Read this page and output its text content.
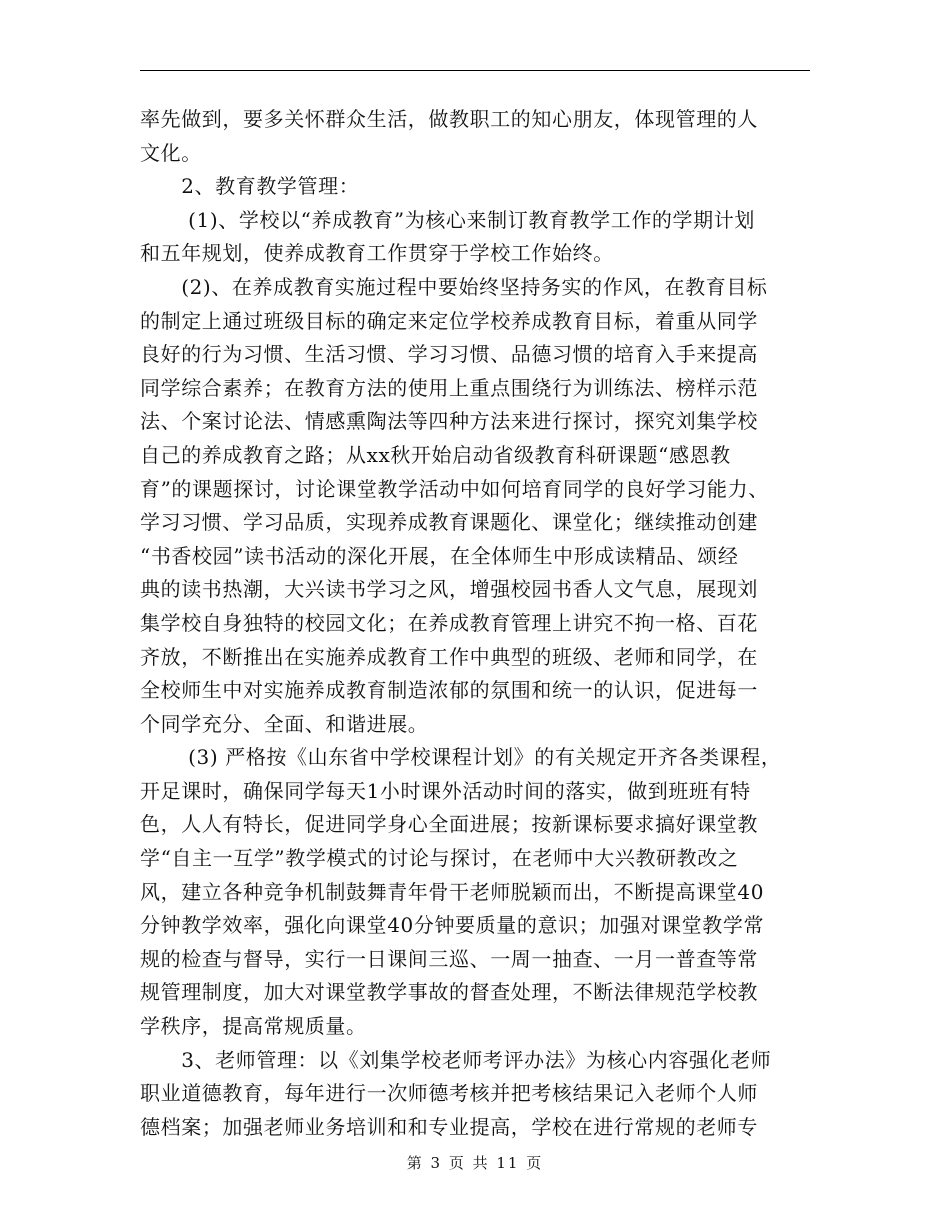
率先做到，要多关怀群众生活，做教职工的知心朋友，体现管理的人
文化。
　　2、教育教学管理：
　　 (1)、学校以“养成教育”为核心来制订教育教学工作的学期计划
和五年规划，使养成教育工作贯穿于学校工作始终。
　　(2)、在养成教育实施过程中要始终坚持务实的作风，在教育目标
的制定上通过班级目标的确定来定位学校养成教育目标，着重从同学
良好的行为习惯、生活习惯、学习习惯、品德习惯的培育入手来提高
同学综合素养；在教育方法的使用上重点围绕行为训练法、榜样示范
法、个案讨论法、情感熏陶法等四种方法来进行探讨，探究刘集学校
自己的养成教育之路；从xx秋开始启动省级教育科研课题“感恩教
育”的课题探讨，讨论课堂教学活动中如何培育同学的良好学习能力、
学习习惯、学习品质，实现养成教育课题化、课堂化；继续推动创建
“书香校园”读书活动的深化开展，在全体师生中形成读精品、颂经
典的读书热潮，大兴读书学习之风，增强校园书香人文气息，展现刘
集学校自身独特的校园文化；在养成教育管理上讲究不拘一格、百花
齐放，不断推出在实施养成教育工作中典型的班级、老师和同学，在
全校师生中对实施养成教育制造浓郁的氛围和统一的认识，促进每一
个同学充分、全面、和谐进展。
　　 (3) 严格按《山东省中学校课程计划》的有关规定开齐各类课程，
开足课时，确保同学每天1小时课外活动时间的落实，做到班班有特
色，人人有特长，促进同学身心全面进展；按新课标要求搞好课堂教
学“自主一互学”教学模式的讨论与探讨，在老师中大兴教研教改之
风，建立各种竞争机制鼓舞青年骨干老师脱颖而出，不断提高课堂40
分钟教学效率，强化向课堂40分钟要质量的意识；加强对课堂教学常
规的检查与督导，实行一日课间三巡、一周一抽查、一月一普查等常
规管理制度，加大对课堂教学事故的督查处理，不断法律规范学校教
学秩序，提高常规质量。
　　3、老师管理：以《刘集学校老师考评办法》为核心内容强化老师
职业道德教育，每年进行一次师德考核并把考核结果记入老师个人师
德档案；加强老师业务培训和和专业提高，学校在进行常规的老师专
第 3 页 共 11 页
